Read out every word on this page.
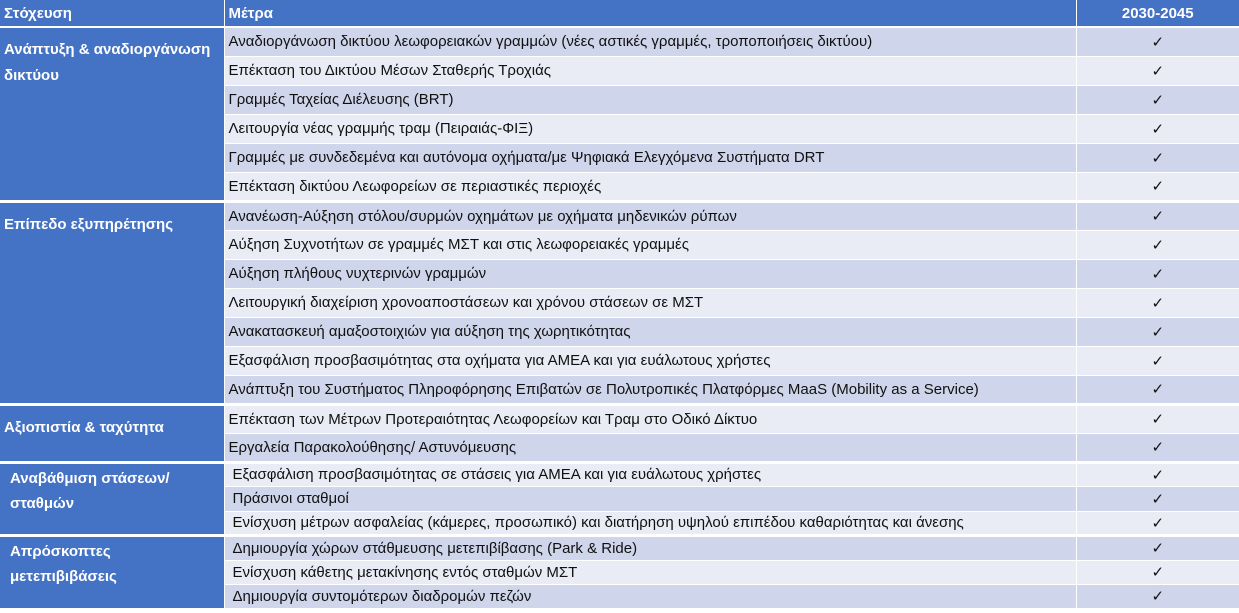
Στόχευση	Μέτρα	2030-2045
Ανάπτυξη & αναδιοργάνωση δικτύου	Αναδιοργάνωση δικτύου λεωφορειακών γραμμών (νέες αστικές γραμμές, τροποποιήσεις δικτύου)	✓
	Επέκταση του Δικτύου Μέσων Σταθερής Τροχιάς	✓
	Γραμμές Ταχείας Διέλευσης (BRT)	✓
	Λειτουργία νέας γραμμής τραμ (Πειραιάς-ΦΙΞ)	✓
	Γραμμές με συνδεδεμένα και αυτόνομα οχήματα/με Ψηφιακά Ελεγχόμενα Συστήματα DRT	✓
	Επέκταση δικτύου Λεωφορείων σε περιαστικές περιοχές	✓
Επίπεδο εξυπηρέτησης	Ανανέωση-Αύξηση στόλου/συρμών οχημάτων με οχήματα μηδενικών ρύπων	✓
	Αύξηση Συχνοτήτων σε γραμμές ΜΣΤ και στις λεωφορειακές γραμμές	✓
	Αύξηση πλήθους νυχτερινών γραμμών	✓
	Λειτουργική διαχείριση χρονοαποστάσεων και χρόνου στάσεων σε ΜΣΤ	✓
	Ανακατασκευή αμαξοστοιχιών για αύξηση της χωρητικότητας	✓
	Εξασφάλιση προσβασιμότητας στα οχήματα για ΑΜΕΑ και για ευάλωτους χρήστες	✓
	Ανάπτυξη του Συστήματος Πληροφόρησης Επιβατών σε Πολυτροπικές Πλατφόρμες MaaS (Mobility as a Service)	✓
Αξιοπιστία & ταχύτητα	Επέκταση των Μέτρων Προτεραιότητας Λεωφορείων και Τραμ στο Οδικό Δίκτυο	✓
	Εργαλεία Παρακολούθησης/ Αστυνόμευσης	✓
Αναβάθμιση στάσεων/ σταθμών	Εξασφάλιση προσβασιμότητας σε στάσεις για ΑΜΕΑ και για ευάλωτους χρήστες	✓
	Πράσινοι σταθμοί	✓
	Ενίσχυση μέτρων ασφαλείας (κάμερες, προσωπικό) και διατήρηση υψηλού επιπέδου καθαριότητας και άνεσης	✓
Απρόσκοπτες μετεπιβιβάσεις	Δημιουργία χώρων στάθμευσης μετεπιβίβασης (Park & Ride)	✓
	Ενίσχυση κάθετης μετακίνησης εντός σταθμών ΜΣΤ	✓
	Δημιουργία συντομότερων διαδρομών πεζών	✓
